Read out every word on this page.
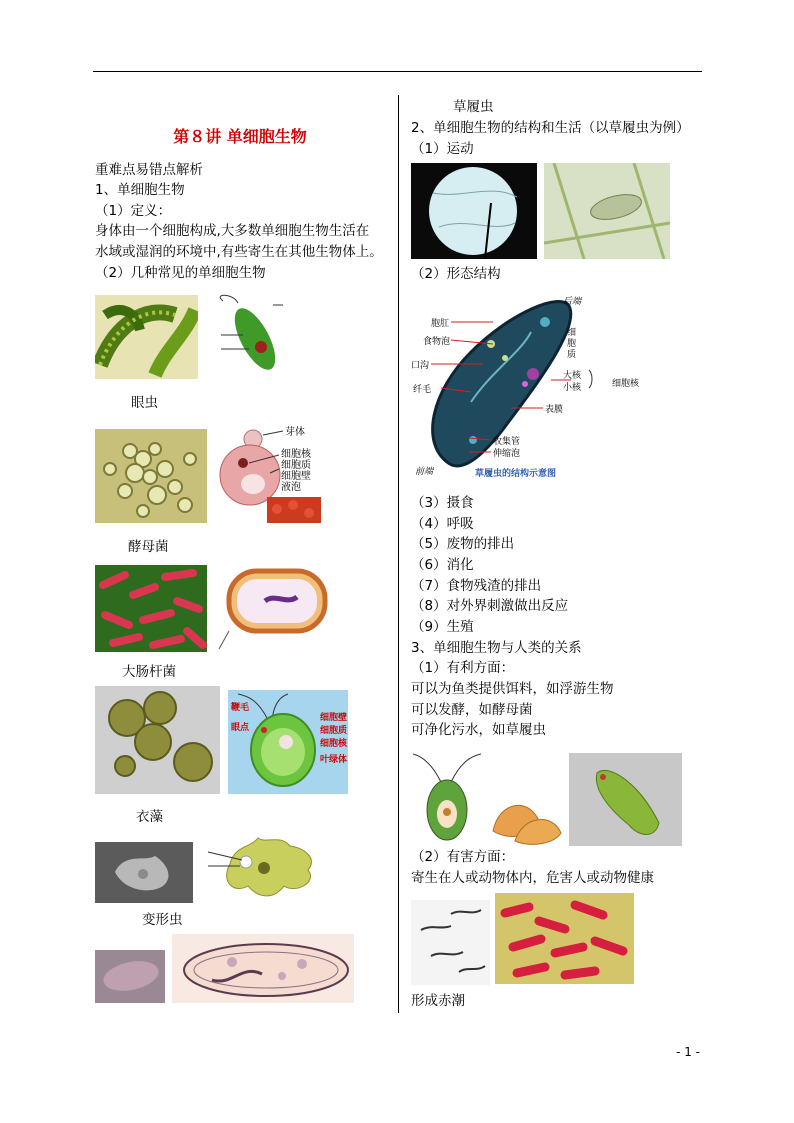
第８讲 单细胞生物
重难点易错点解析
1、单细胞生物
（1）定义：
身体由一个细胞构成,大多数单细胞生物生活在
水域或湿润的环境中,有些寄生在其他生物体上。
（2）几种常见的单细胞生物
眼虫
芽体
细胞核
细胞质
细胞壁
液泡
酵母菌
大肠杆菌
鞭毛
眼点
细胞壁
细胞质
细胞核
叶绿体
衣藻
变形虫
草履虫
2、单细胞生物的结构和生活（以草履虫为例）
（1）运动
（2）形态结构
后端
前端
胞肛
食物泡
口沟
纤毛
细胞质
大核
小核
表膜
收集管
伸缩泡
草履虫的结构示意图
细胞核
（3）摄食
（4）呼吸
（5）废物的排出
（6）消化
（7）食物残渣的排出
（8）对外界刺激做出反应
（9）生殖
3、单细胞生物与人类的关系
（1）有利方面：
可以为鱼类提供饵料，如浮游生物
可以发酵，如酵母菌
可净化污水，如草履虫
（2）有害方面：
寄生在人或动物体内，危害人或动物健康
形成赤潮
- 1 -
